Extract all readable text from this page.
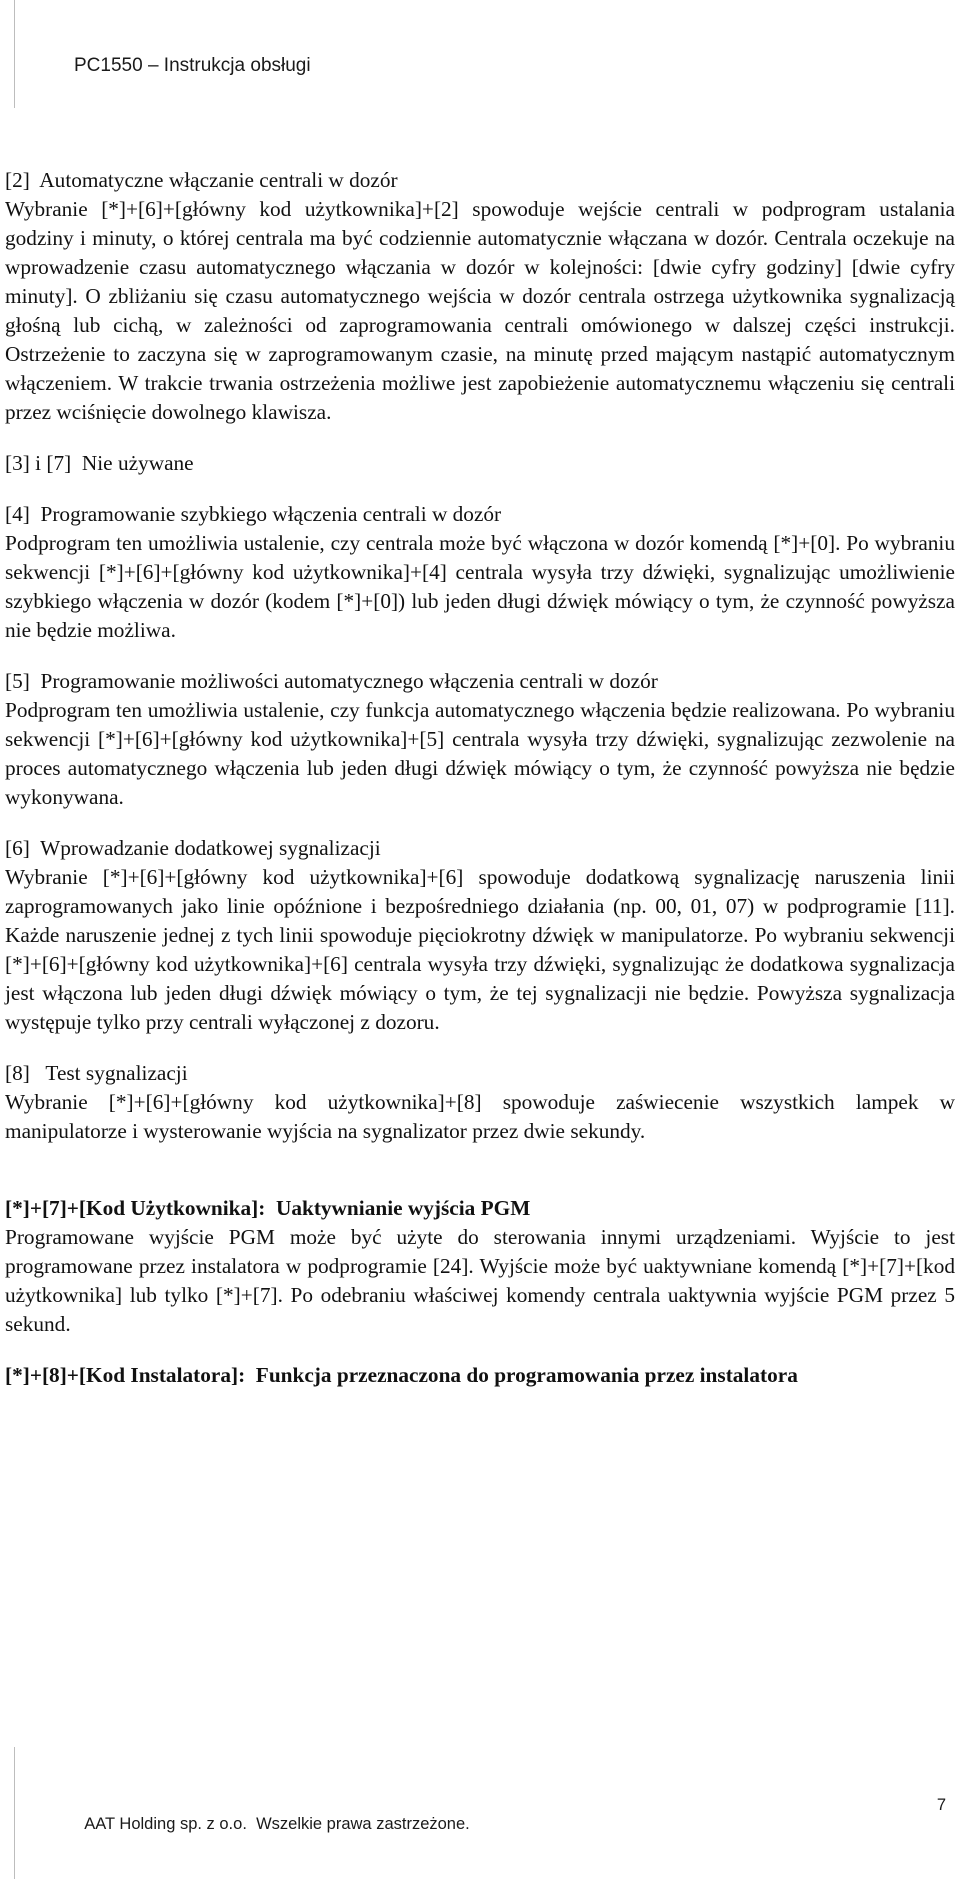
PC1550 – Instrukcja obsługi

[2]  Automatyczne włączanie centrali w dozór

Wybranie [*]+[6]+[główny kod użytkownika]+[2] spowoduje wejście centrali w podprogram ustalania godziny i minuty, o której centrala ma być codziennie automatycznie włączana w dozór. Centrala oczekuje na wprowadzenie czasu automatycznego włączania w dozór w kolejności: [dwie cyfry godziny] [dwie cyfry minuty]. O zbliżaniu się czasu automatycznego wejścia w dozór centrala ostrzega użytkownika sygnalizacją głośną lub cichą, w zależności od zaprogramowania centrali omówionego w dalszej części instrukcji. Ostrzeżenie to zaczyna się w zaprogramowanym czasie, na minutę przed mającym nastąpić automatycznym włączeniem. W trakcie trwania ostrzeżenia możliwe jest zapobieżenie automatycznemu włączeniu się centrali przez wciśnięcie dowolnego klawisza.

[3] i [7]  Nie używane

[4]  Programowanie szybkiego włączenia centrali w dozór

Podprogram ten umożliwia ustalenie, czy centrala może być włączona w dozór komendą [*]+[0]. Po wybraniu sekwencji [*]+[6]+[główny kod użytkownika]+[4] centrala wysyła trzy dźwięki, sygnalizując umożliwienie szybkiego włączenia w dozór (kodem [*]+[0]) lub jeden długi dźwięk mówiący o tym, że czynność powyższa nie będzie możliwa.

[5]  Programowanie możliwości automatycznego włączenia centrali w dozór

Podprogram ten umożliwia ustalenie, czy funkcja automatycznego włączenia będzie realizowana. Po wybraniu sekwencji [*]+[6]+[główny kod użytkownika]+[5] centrala wysyła trzy dźwięki, sygnalizując zezwolenie na proces automatycznego włączenia lub jeden długi dźwięk mówiący o tym, że czynność powyższa nie będzie wykonywana.

[6]  Wprowadzanie dodatkowej sygnalizacji

Wybranie [*]+[6]+[główny kod użytkownika]+[6] spowoduje dodatkową sygnalizację naruszenia linii zaprogramowanych jako linie opóźnione i bezpośredniego działania (np. 00, 01, 07) w podprogramie [11]. Każde naruszenie jednej z tych linii spowoduje pięciokrotny dźwięk w manipulatorze. Po wybraniu sekwencji [*]+[6]+[główny kod użytkownika]+[6] centrala wysyła trzy dźwięki, sygnalizując że dodatkowa sygnalizacja jest włączona lub jeden długi dźwięk mówiący o tym, że tej sygnalizacji nie będzie. Powyższa sygnalizacja występuje tylko przy centrali wyłączonej z dozoru.

[8]   Test sygnalizacji

Wybranie [*]+[6]+[główny kod użytkownika]+[8] spowoduje zaświecenie wszystkich lampek w manipulatorze i wysterowanie wyjścia na sygnalizator przez dwie sekundy.

[*]+[7]+[Kod Użytkownika]:  Uaktywnianie wyjścia PGM

Programowane wyjście PGM może być użyte do sterowania innymi urządzeniami. Wyjście to jest programowane przez instalatora w podprogramie [24]. Wyjście może być uaktywniane komendą [*]+[7]+[kod użytkownika] lub tylko [*]+[7]. Po odebraniu właściwej komendy centrala uaktywnia wyjście PGM przez 5 sekund.

[*]+[8]+[Kod Instalatora]:  Funkcja przeznaczona do programowania przez instalatora

AAT Holding sp. z o.o.  Wszelkie prawa zastrzeżone.

7
